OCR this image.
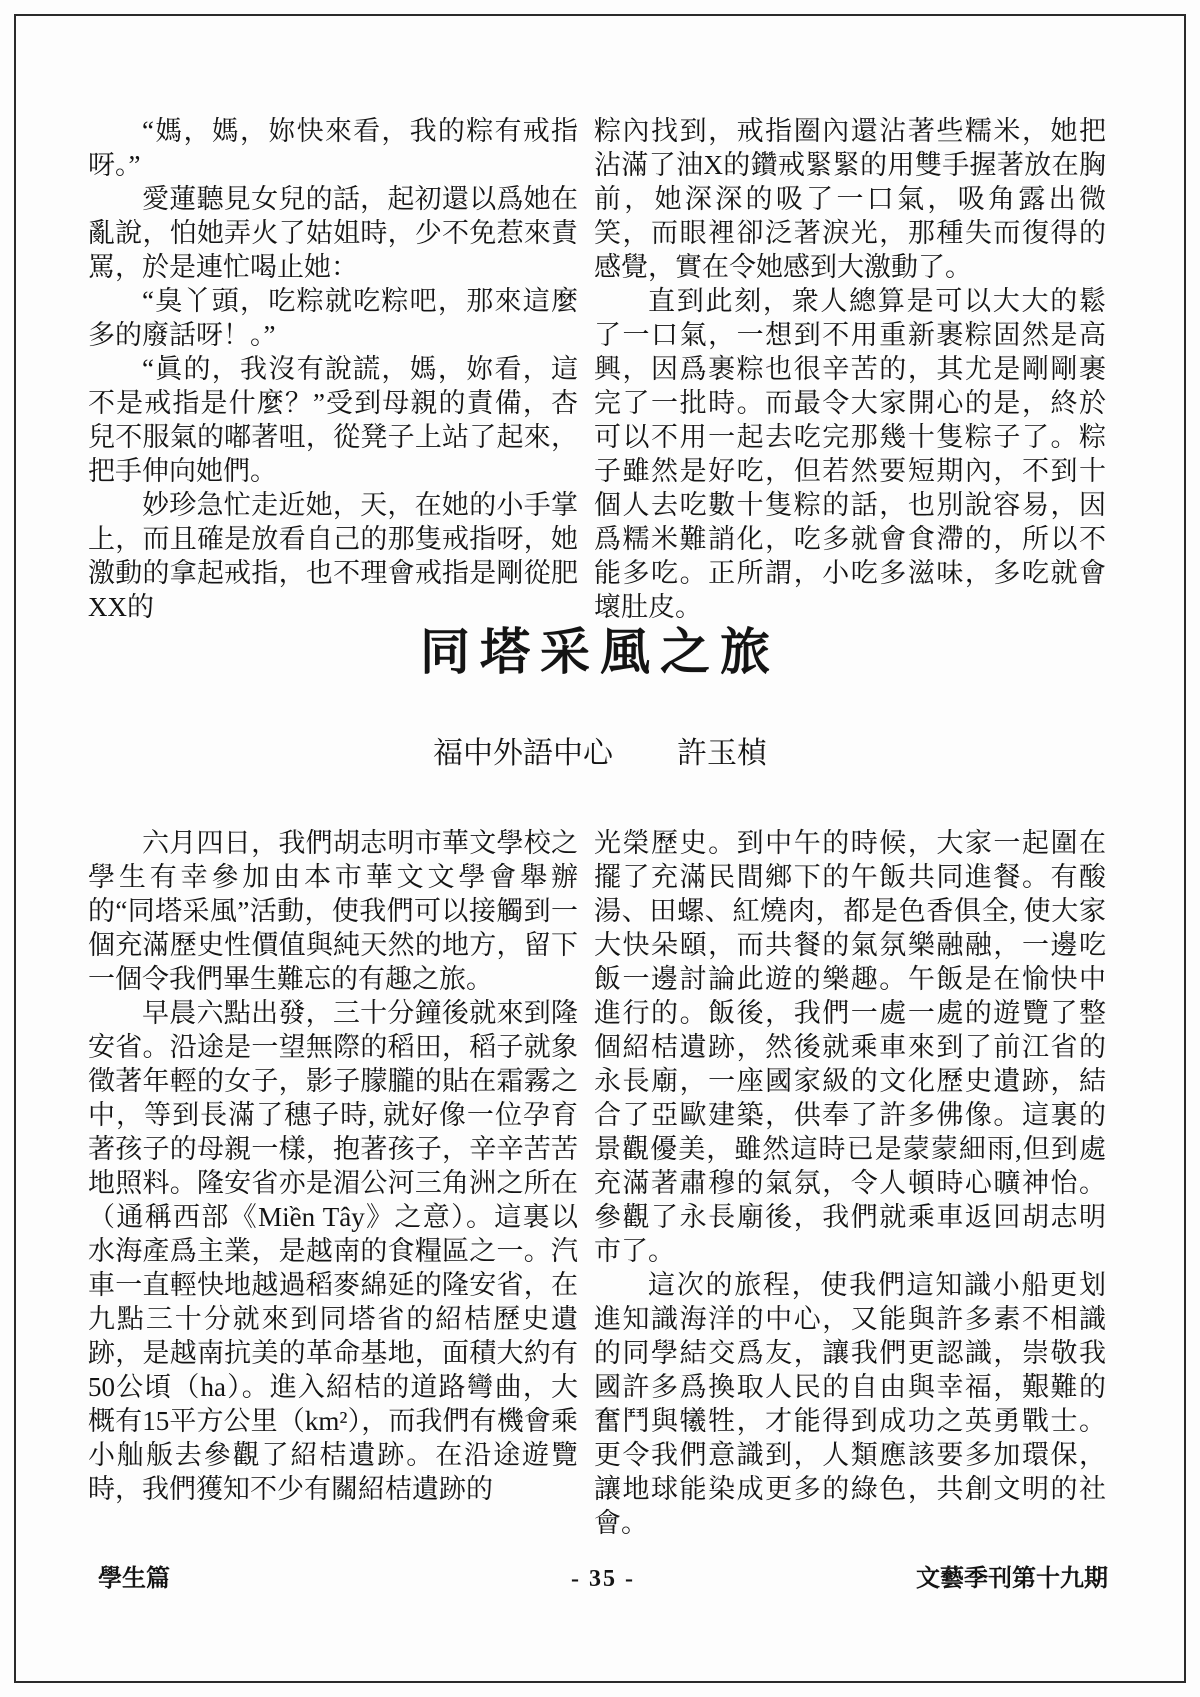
“媽，媽，妳快來看，我的粽有戒指呀。”

愛蓮聽見女兒的話，起初還以爲她在亂說，怕她弄火了姑姐時，少不免惹來責罵，於是連忙喝止她：

“臭丫頭，吃粽就吃粽吧，那來這麼多的廢話呀！。”

“眞的，我沒有說謊，媽，妳看，這不是戒指是什麼？”受到母親的責備，杏兒不服氣的嘟著咀，從凳子上站了起來，把手伸向她們。

妙珍急忙走近她，天，在她的小手掌上，而且確是放看自己的那隻戒指呀，她激動的拿起戒指，也不理會戒指是剛從肥XX的

粽內找到，戒指圈內還沾著些糯米，她把沾滿了油X的鑽戒緊緊的用雙手握著放在胸前，她深深的吸了一口氣，吸角露出微笑，而眼裡卻泛著淚光，那種失而復得的感覺，實在令她感到大激動了。

直到此刻，衆人總算是可以大大的鬆了一口氣，一想到不用重新裹粽固然是高興，因爲裹粽也很辛苦的，其尤是剛剛裹完了一批時。而最令大家開心的是，終於可以不用一起去吃完那幾十隻粽子了。粽子雖然是好吃，但若然要短期內，不到十個人去吃數十隻粽的話，也別說容易，因爲糯米難誚化，吃多就會食滯的，所以不能多吃。正所謂，小吃多滋味，多吃就會壞肚皮。

同塔采風之旅
福中外語中心 許玉楨

六月四日，我們胡志明市華文學校之學生有幸參加由本市華文文學會舉辦的“同塔采風”活動，使我們可以接觸到一個充滿歷史性價值與純天然的地方，留下一個令我們畢生難忘的有趣之旅。

早晨六點出發，三十分鐘後就來到隆安省。沿途是一望無際的稻田，稻子就象徵著年輕的女子，影子朦朧的貼在霜霧之中，等到長滿了穗子時, 就好像一位孕育著孩子的母親一樣，抱著孩子，辛辛苦苦地照料。隆安省亦是湄公河三角洲之所在（通稱西部《Miền Tây》之意）。這裏以水海產爲主業，是越南的食糧區之一。汽車一直輕快地越過稻麥綿延的隆安省，在九點三十分就來到同塔省的紹桔歷史遺跡，是越南抗美的革命基地，面積大約有50公頃（ha）。進入紹桔的道路彎曲，大概有15平方公里（km²），而我們有機會乘小舢舨去參觀了紹桔遺跡。在沿途遊覽時，我們獲知不少有關紹桔遺跡的

光榮歷史。到中午的時候，大家一起圍在擺了充滿民間鄉下的午飯共同進餐。有酸湯、田螺、紅燒肉，都是色香俱全, 使大家大快朵頤，而共餐的氣氛樂融融，一邊吃飯一邊討論此遊的樂趣。午飯是在愉快中進行的。飯後，我們一處一處的遊覽了整個紹桔遺跡，然後就乘車來到了前江省的永長廟，一座國家級的文化歷史遺跡，結合了亞歐建築，供奉了許多佛像。這裏的景觀優美，雖然這時已是蒙蒙細雨,但到處充滿著肅穆的氣氛，令人頓時心曠神怡。參觀了永長廟後，我們就乘車返回胡志明市了。

這次的旅程，使我們這知識小船更划進知識海洋的中心，又能與許多素不相識的同學結交爲友，讓我們更認識，崇敬我國許多爲換取人民的自由與幸福，艱難的奮鬥與犧牲，才能得到成功之英勇戰士。更令我們意識到，人類應該要多加環保，讓地球能染成更多的綠色，共創文明的社會。

學生篇	- 35 -	文藝季刊第十九期
